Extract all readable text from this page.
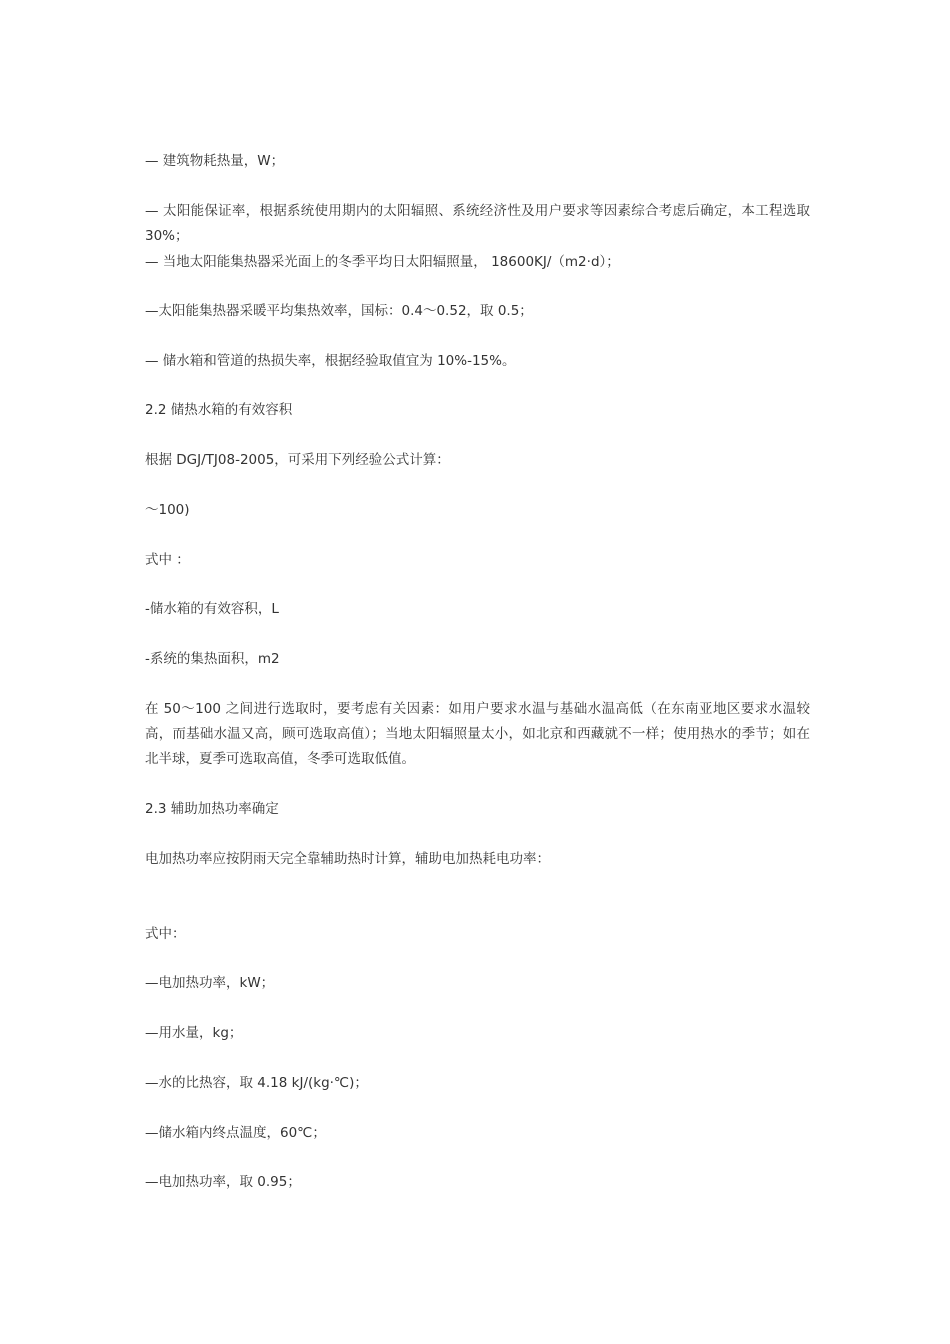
— 建筑物耗热量，W；
— 太阳能保证率，根据系统使用期内的太阳辐照、系统经济性及用户要求等因素综合考虑后确定，本工程选取 30%；
— 当地太阳能集热器采光面上的冬季平均日太阳辐照量， 18600KJ/（m2·d）；
—太阳能集热器采暖平均集热效率，国标：0.4～0.52，取 0.5；
— 储水箱和管道的热损失率，根据经验取值宜为 10%-15%。
2.2 储热水箱的有效容积
根据 DGJ/TJ08-2005，可采用下列经验公式计算：
～100)
式中 ：
-储水箱的有效容积，L
-系统的集热面积，m2
在 50～100 之间进行选取时，要考虑有关因素：如用户要求水温与基础水温高低（在东南亚地区要求水温较高，而基础水温又高，顾可选取高值）；当地太阳辐照量太小，如北京和西藏就不一样；使用热水的季节；如在北半球，夏季可选取高值，冬季可选取低值。
2.3 辅助加热功率确定
电加热功率应按阴雨天完全靠辅助热时计算，辅助电加热耗电功率：
式中：
—电加热功率，kW；
—用水量，kg；
—水的比热容，取 4.18 kJ/(kg·℃)；
—储水箱内终点温度，60℃；
—电加热功率，取 0.95；
